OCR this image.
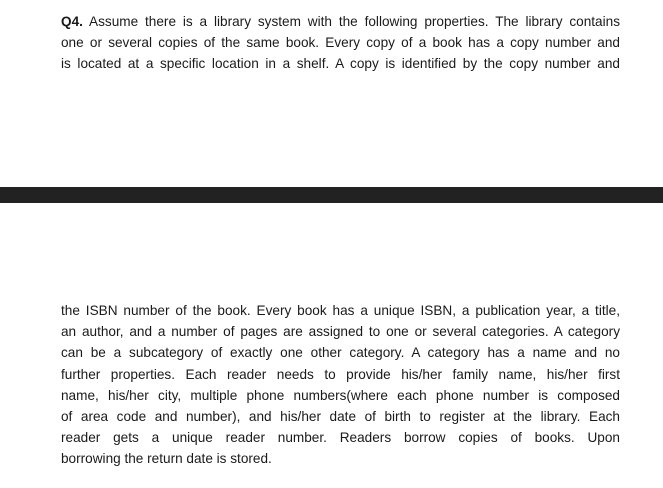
Q4. Assume there is a library system with the following properties. The library contains
one or several copies of the same book. Every copy of a book has a copy number and
is located at a specific location in a shelf. A copy is identified by the copy number and
the ISBN number of the book. Every book has a unique ISBN, a publication year, a title,
an author, and a number of pages are assigned to one or several categories. A category
can be a subcategory of exactly one other category. A category has a name and no
further properties. Each reader needs to provide his/her family name, his/her first
name, his/her city, multiple phone numbers(where each phone number is composed
of area code and number), and his/her date of birth to register at the library. Each
reader gets a unique reader number. Readers borrow copies of books. Upon
borrowing the return date is stored.
